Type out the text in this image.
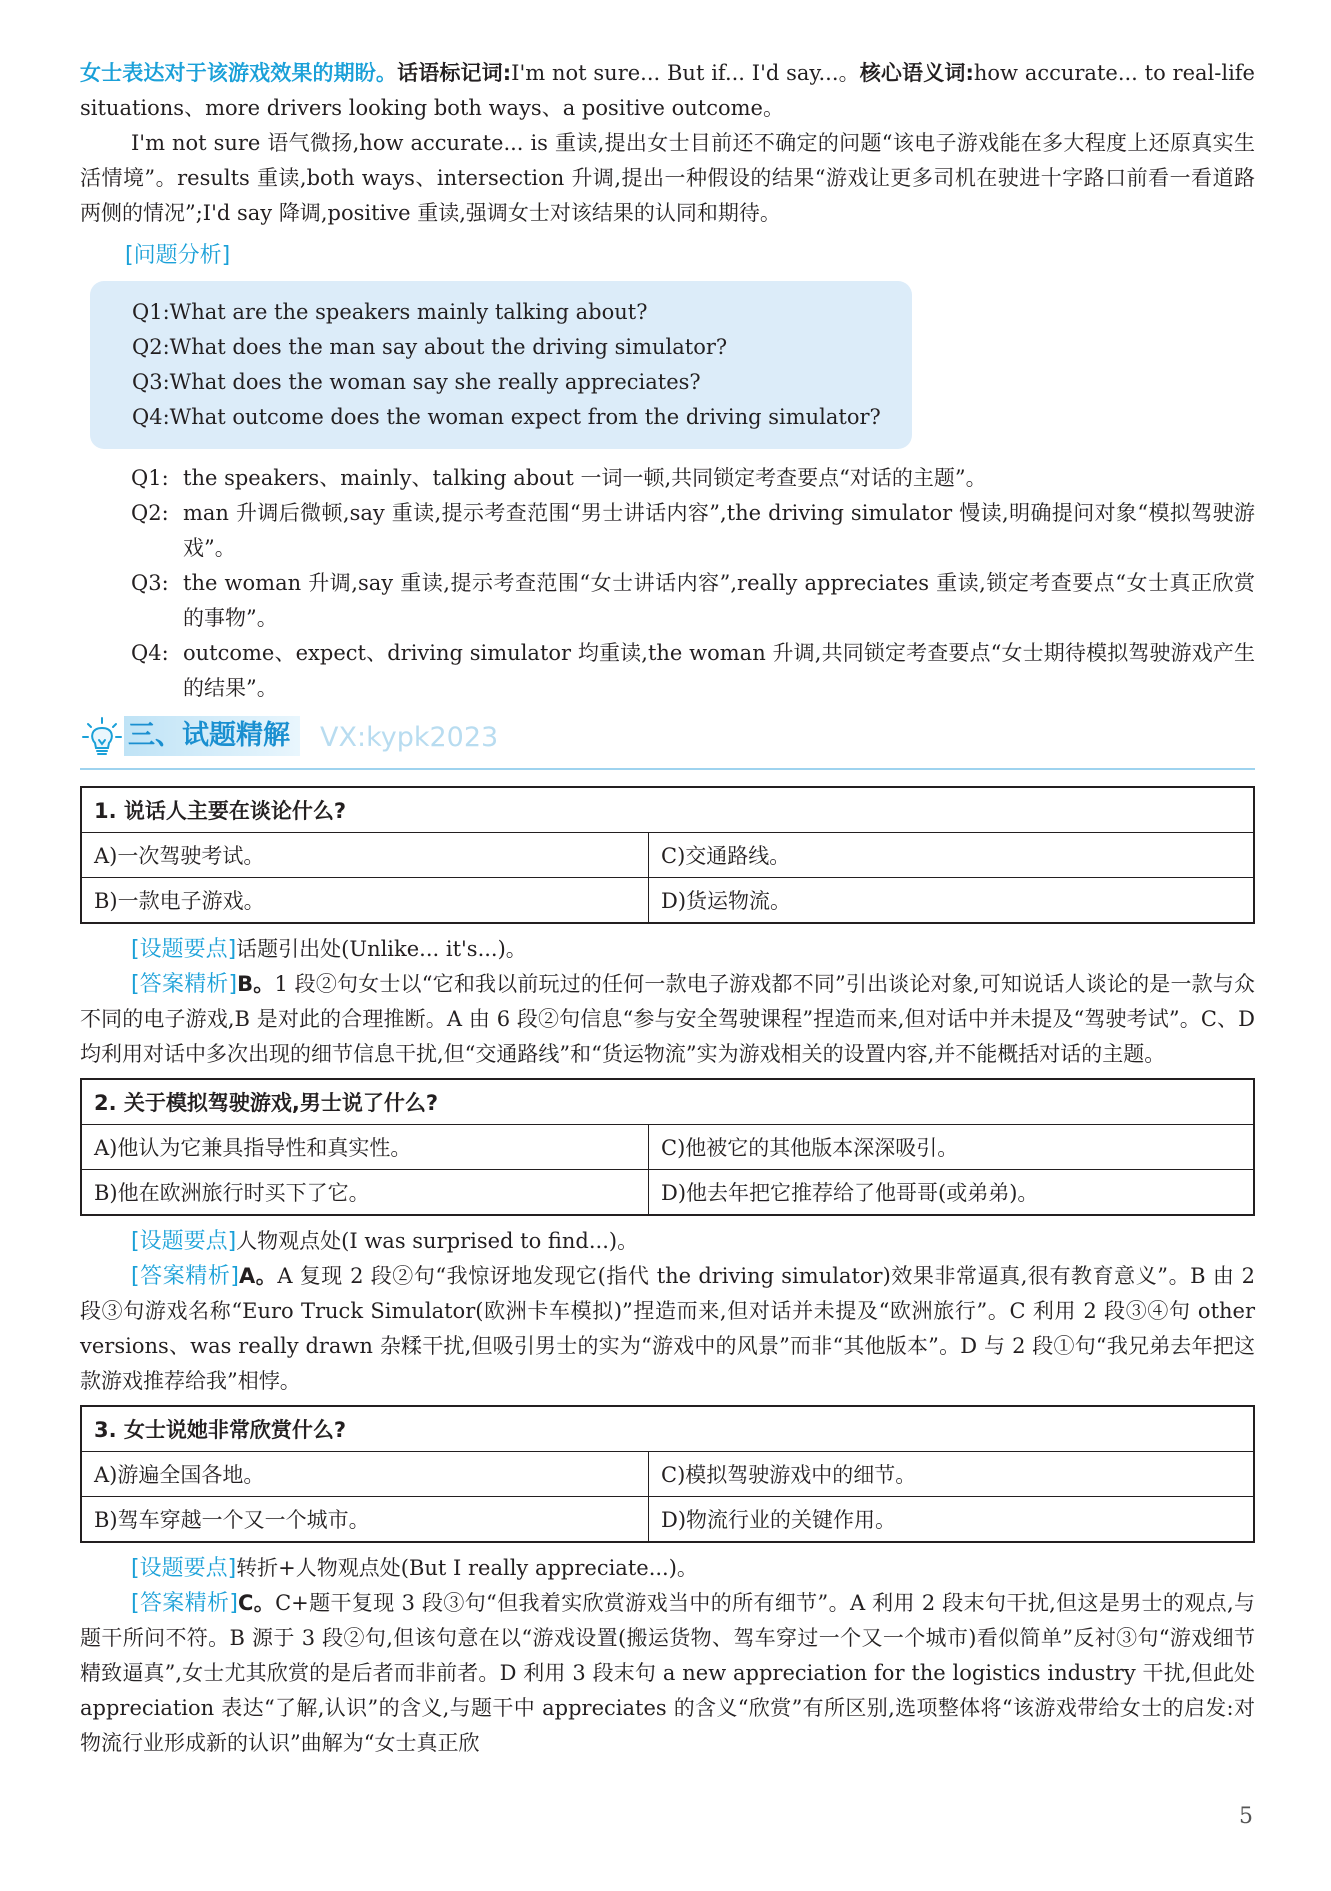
女士表达对于该游戏效果的期盼。话语标记词:I'm not sure... But if... I'd say...。核心语义词:how accurate... to real-life situations、more drivers looking both ways、a positive outcome。

I'm not sure 语气微扬,how accurate... is 重读,提出女士目前还不确定的问题“该电子游戏能在多大程度上还原真实生活情境”。results 重读,both ways、intersection 升调,提出一种假设的结果“游戏让更多司机在驶进十字路口前看一看道路两侧的情况”;I'd say 降调,positive 重读,强调女士对该结果的认同和期待。

[问题分析]
Q1:What are the speakers mainly talking about?
Q2:What does the man say about the driving simulator?
Q3:What does the woman say she really appreciates?
Q4:What outcome does the woman expect from the driving simulator?
Q1: the speakers、mainly、talking about 一词一顿,共同锁定考查要点“对话的主题”。
Q2: man 升调后微顿,say 重读,提示考查范围“男士讲话内容”,the driving simulator 慢读,明确提问对象“模拟驾驶游戏”。
Q3: the woman 升调,say 重读,提示考查范围“女士讲话内容”,really appreciates 重读,锁定考查要点“女士真正欣赏的事物”。
Q4: outcome、expect、driving simulator 均重读,the woman 升调,共同锁定考查要点“女士期待模拟驾驶游戏产生的结果”。
三、试题精解	VX:kypk2023
1. 说话人主要在谈论什么?	
A)一次驾驶考试。	C)交通路线。
B)一款电子游戏。	D)货运物流。

[设题要点]话题引出处(Unlike... it's...)。

[答案精析]B。1 段②句女士以“它和我以前玩过的任何一款电子游戏都不同”引出谈论对象,可知说话人谈论的是一款与众不同的电子游戏,B 是对此的合理推断。A 由 6 段②句信息“参与安全驾驶课程”捏造而来,但对话中并未提及“驾驶考试”。C、D 均利用对话中多次出现的细节信息干扰,但“交通路线”和“货运物流”实为游戏相关的设置内容,并不能概括对话的主题。

2. 关于模拟驾驶游戏,男士说了什么?	
A)他认为它兼具指导性和真实性。	C)他被它的其他版本深深吸引。
B)他在欧洲旅行时买下了它。	D)他去年把它推荐给了他哥哥(或弟弟)。

[设题要点]人物观点处(I was surprised to find...)。

[答案精析]A。A 复现 2 段②句“我惊讶地发现它(指代 the driving simulator)效果非常逼真,很有教育意义”。B 由 2 段③句游戏名称“Euro Truck Simulator(欧洲卡车模拟)”捏造而来,但对话并未提及“欧洲旅行”。C 利用 2 段③④句 other versions、was really drawn 杂糅干扰,但吸引男士的实为“游戏中的风景”而非“其他版本”。D 与 2 段①句“我兄弟去年把这款游戏推荐给我”相悖。

3. 女士说她非常欣赏什么?	
A)游遍全国各地。	C)模拟驾驶游戏中的细节。
B)驾车穿越一个又一个城市。	D)物流行业的关键作用。

[设题要点]转折+人物观点处(But I really appreciate...)。

[答案精析]C。C+题干复现 3 段③句“但我着实欣赏游戏当中的所有细节”。A 利用 2 段末句干扰,但这是男士的观点,与题干所问不符。B 源于 3 段②句,但该句意在以“游戏设置(搬运货物、驾车穿过一个又一个城市)看似简单”反衬③句“游戏细节精致逼真”,女士尤其欣赏的是后者而非前者。D 利用 3 段末句 a new appreciation for the logistics industry 干扰,但此处 appreciation 表达“了解,认识”的含义,与题干中 appreciates 的含义“欣赏”有所区别,选项整体将“该游戏带给女士的启发:对物流行业形成新的认识”曲解为“女士真正欣

5
